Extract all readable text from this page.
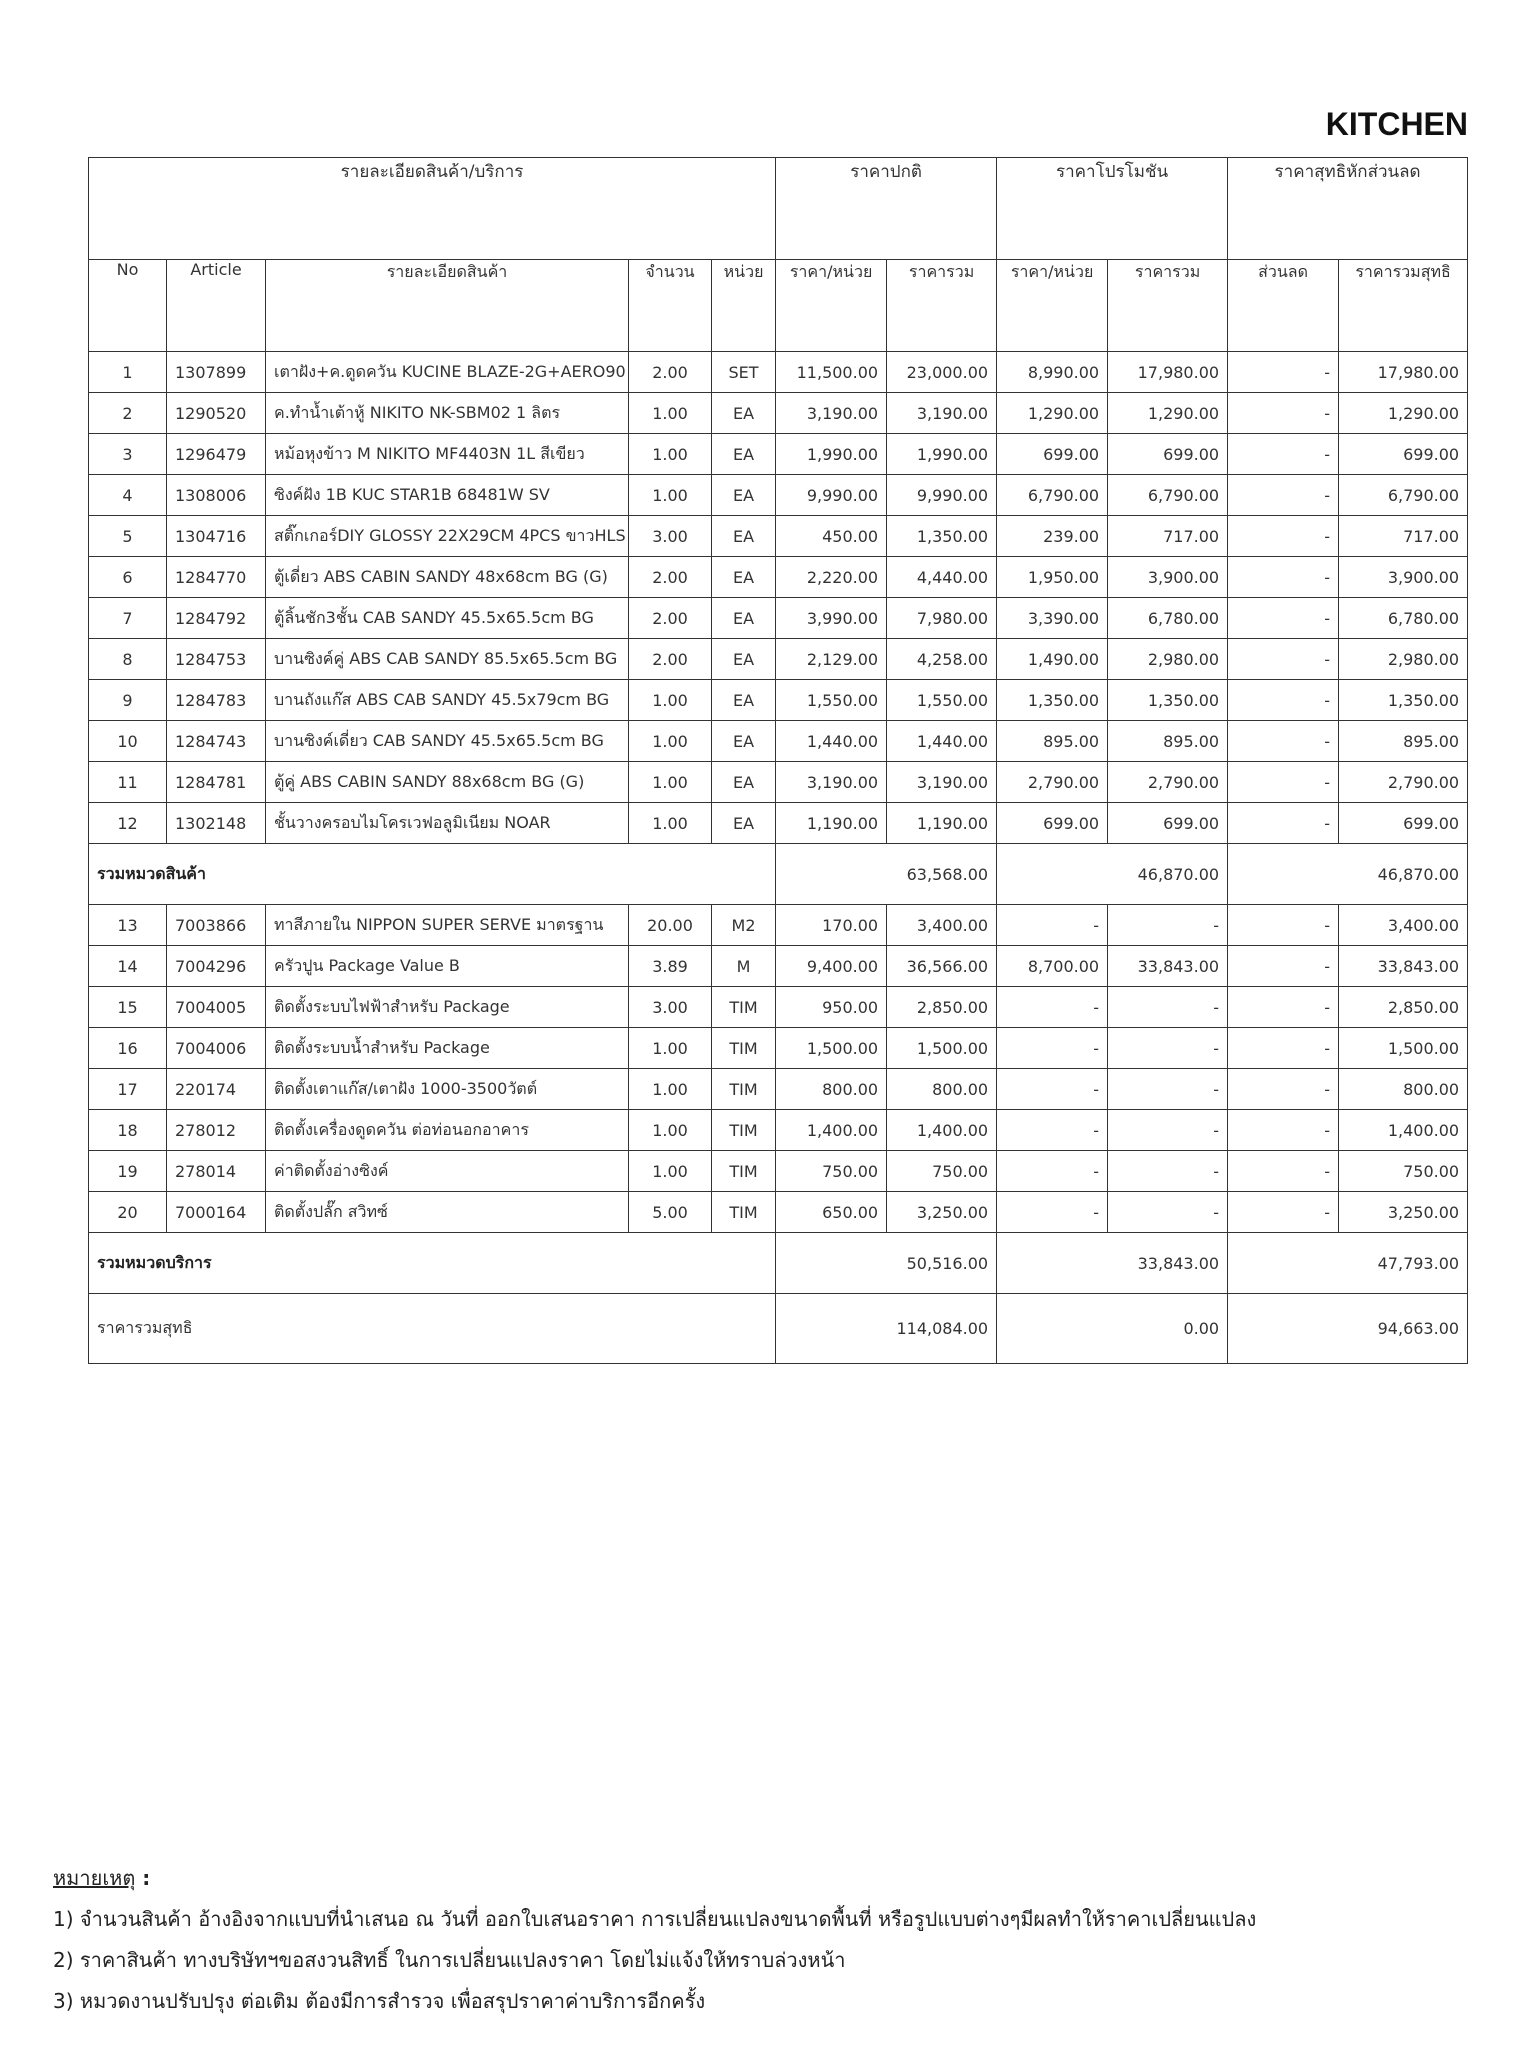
KITCHEN
รายละเอียดสินค้า/บริการ					ราคาปกติ		ราคาโปรโมชัน		ราคาสุทธิหักส่วนลด	
No	Article	รายละเอียดสินค้า	จำนวน	หน่วย	ราคา/หน่วย	ราคารวม	ราคา/หน่วย	ราคารวม	ส่วนลด	ราคารวมสุทธิ
1	1307899	เตาฝัง+ค.ดูดควัน KUCINE BLAZE-2G+AERO90	2.00	SET	11,500.00	23,000.00	8,990.00	17,980.00	-	17,980.00
2	1290520	ค.ทำน้ำเต้าหู้ NIKITO NK-SBM02 1 ลิตร	1.00	EA	3,190.00	3,190.00	1,290.00	1,290.00	-	1,290.00
3	1296479	หม้อหุงข้าว M NIKITO MF4403N 1L สีเขียว	1.00	EA	1,990.00	1,990.00	699.00	699.00	-	699.00
4	1308006	ซิงค์ฝัง 1B KUC STAR1B 68481W SV	1.00	EA	9,990.00	9,990.00	6,790.00	6,790.00	-	6,790.00
5	1304716	สติ๊กเกอร์DIY GLOSSY 22X29CM 4PCS ขาวHLS	3.00	EA	450.00	1,350.00	239.00	717.00	-	717.00
6	1284770	ตู้เดี่ยว ABS CABIN SANDY 48x68cm BG (G)	2.00	EA	2,220.00	4,440.00	1,950.00	3,900.00	-	3,900.00
7	1284792	ตู้ลิ้นชัก3ชั้น CAB SANDY 45.5x65.5cm BG	2.00	EA	3,990.00	7,980.00	3,390.00	6,780.00	-	6,780.00
8	1284753	บานซิงค์คู่ ABS CAB SANDY 85.5x65.5cm BG	2.00	EA	2,129.00	4,258.00	1,490.00	2,980.00	-	2,980.00
9	1284783	บานถังแก๊ส ABS CAB SANDY 45.5x79cm BG	1.00	EA	1,550.00	1,550.00	1,350.00	1,350.00	-	1,350.00
10	1284743	บานซิงค์เดี่ยว CAB SANDY 45.5x65.5cm BG	1.00	EA	1,440.00	1,440.00	895.00	895.00	-	895.00
11	1284781	ตู้คู่ ABS CABIN SANDY 88x68cm BG (G)	1.00	EA	3,190.00	3,190.00	2,790.00	2,790.00	-	2,790.00
12	1302148	ชั้นวางครอบไมโครเวฟอลูมิเนียม NOAR	1.00	EA	1,190.00	1,190.00	699.00	699.00	-	699.00
รวมหมวดสินค้า					63,568.00		46,870.00		46,870.00	
13	7003866	ทาสีภายใน NIPPON SUPER SERVE มาตรฐาน	20.00	M2	170.00	3,400.00	-	-	-	3,400.00
14	7004296	ครัวปูน Package Value B	3.89	M	9,400.00	36,566.00	8,700.00	33,843.00	-	33,843.00
15	7004005	ติดตั้งระบบไฟฟ้าสำหรับ Package	3.00	TIM	950.00	2,850.00	-	-	-	2,850.00
16	7004006	ติดตั้งระบบน้ำสำหรับ Package	1.00	TIM	1,500.00	1,500.00	-	-	-	1,500.00
17	220174	ติดตั้งเตาแก๊ส/เตาฝัง 1000-3500วัตต์	1.00	TIM	800.00	800.00	-	-	-	800.00
18	278012	ติดตั้งเครื่องดูดควัน ต่อท่อนอกอาคาร	1.00	TIM	1,400.00	1,400.00	-	-	-	1,400.00
19	278014	ค่าติดตั้งอ่างซิงค์	1.00	TIM	750.00	750.00	-	-	-	750.00
20	7000164	ติดตั้งปลั๊ก สวิทซ์	5.00	TIM	650.00	3,250.00	-	-	-	3,250.00
รวมหมวดบริการ					50,516.00		33,843.00		47,793.00	
ราคารวมสุทธิ					114,084.00		0.00		94,663.00	
หมายเหตุ :
1) จำนวนสินค้า อ้างอิงจากแบบที่นำเสนอ ณ วันที่ ออกใบเสนอราคา การเปลี่ยนแปลงขนาดพื้นที่ หรือรูปแบบต่างๆมีผลทำให้ราคาเปลี่ยนแปลง
2) ราคาสินค้า ทางบริษัทฯขอสงวนสิทธิ์ ในการเปลี่ยนแปลงราคา โดยไม่แจ้งให้ทราบล่วงหน้า
3) หมวดงานปรับปรุง ต่อเติม ต้องมีการสำรวจ เพื่อสรุปราคาค่าบริการอีกครั้ง
